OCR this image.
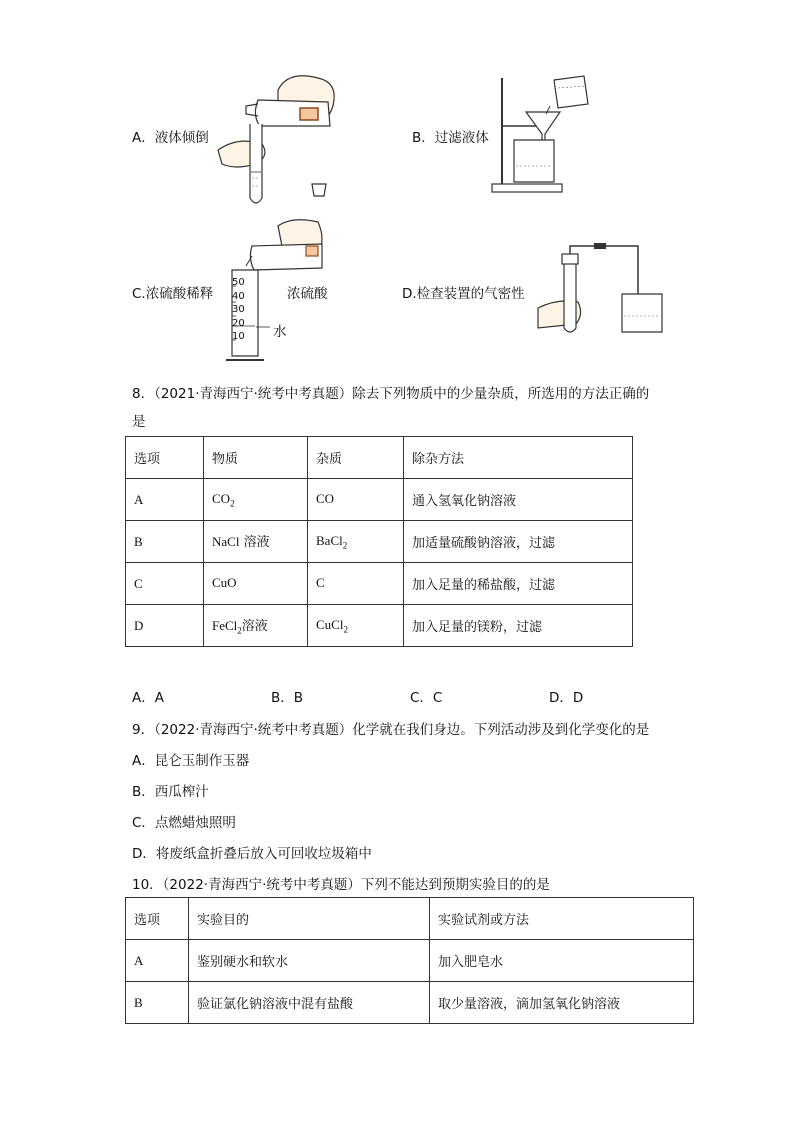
A．液体倾倒	B．过滤液体
C.浓硫酸稀释	D.检查装置的气密性
50
40
30
20
10
浓硫酸
水
8．（2021·青海西宁·统考中考真题）除去下列物质中的少量杂质，所选用的方法正确的
是
选项	物质	杂质	除杂方法
A	$CO_2$	CO	通入氢氧化钠溶液
B	NaCl 溶液	BaCl$_2$	加适量硫酸钠溶液，过滤
C	CuO	C	加入足量的稀盐酸，过滤
D	FeCl$_2$溶液	CuCl$_2$	加入足量的镁粉，过滤
A．A	B．B	C．C	D．D
9．（2022·青海西宁·统考中考真题）化学就在我们身边。下列活动涉及到化学变化的是
A．昆仑玉制作玉器
B．西瓜榨汁
C．点燃蜡烛照明
D．将废纸盒折叠后放入可回收垃圾箱中
10．（2022·青海西宁·统考中考真题）下列不能达到预期实验目的的是
选项	实验目的	实验试剂或方法
A	鉴别硬水和软水	加入肥皂水
B	验证氯化钠溶液中混有盐酸	取少量溶液，滴加氢氧化钠溶液
